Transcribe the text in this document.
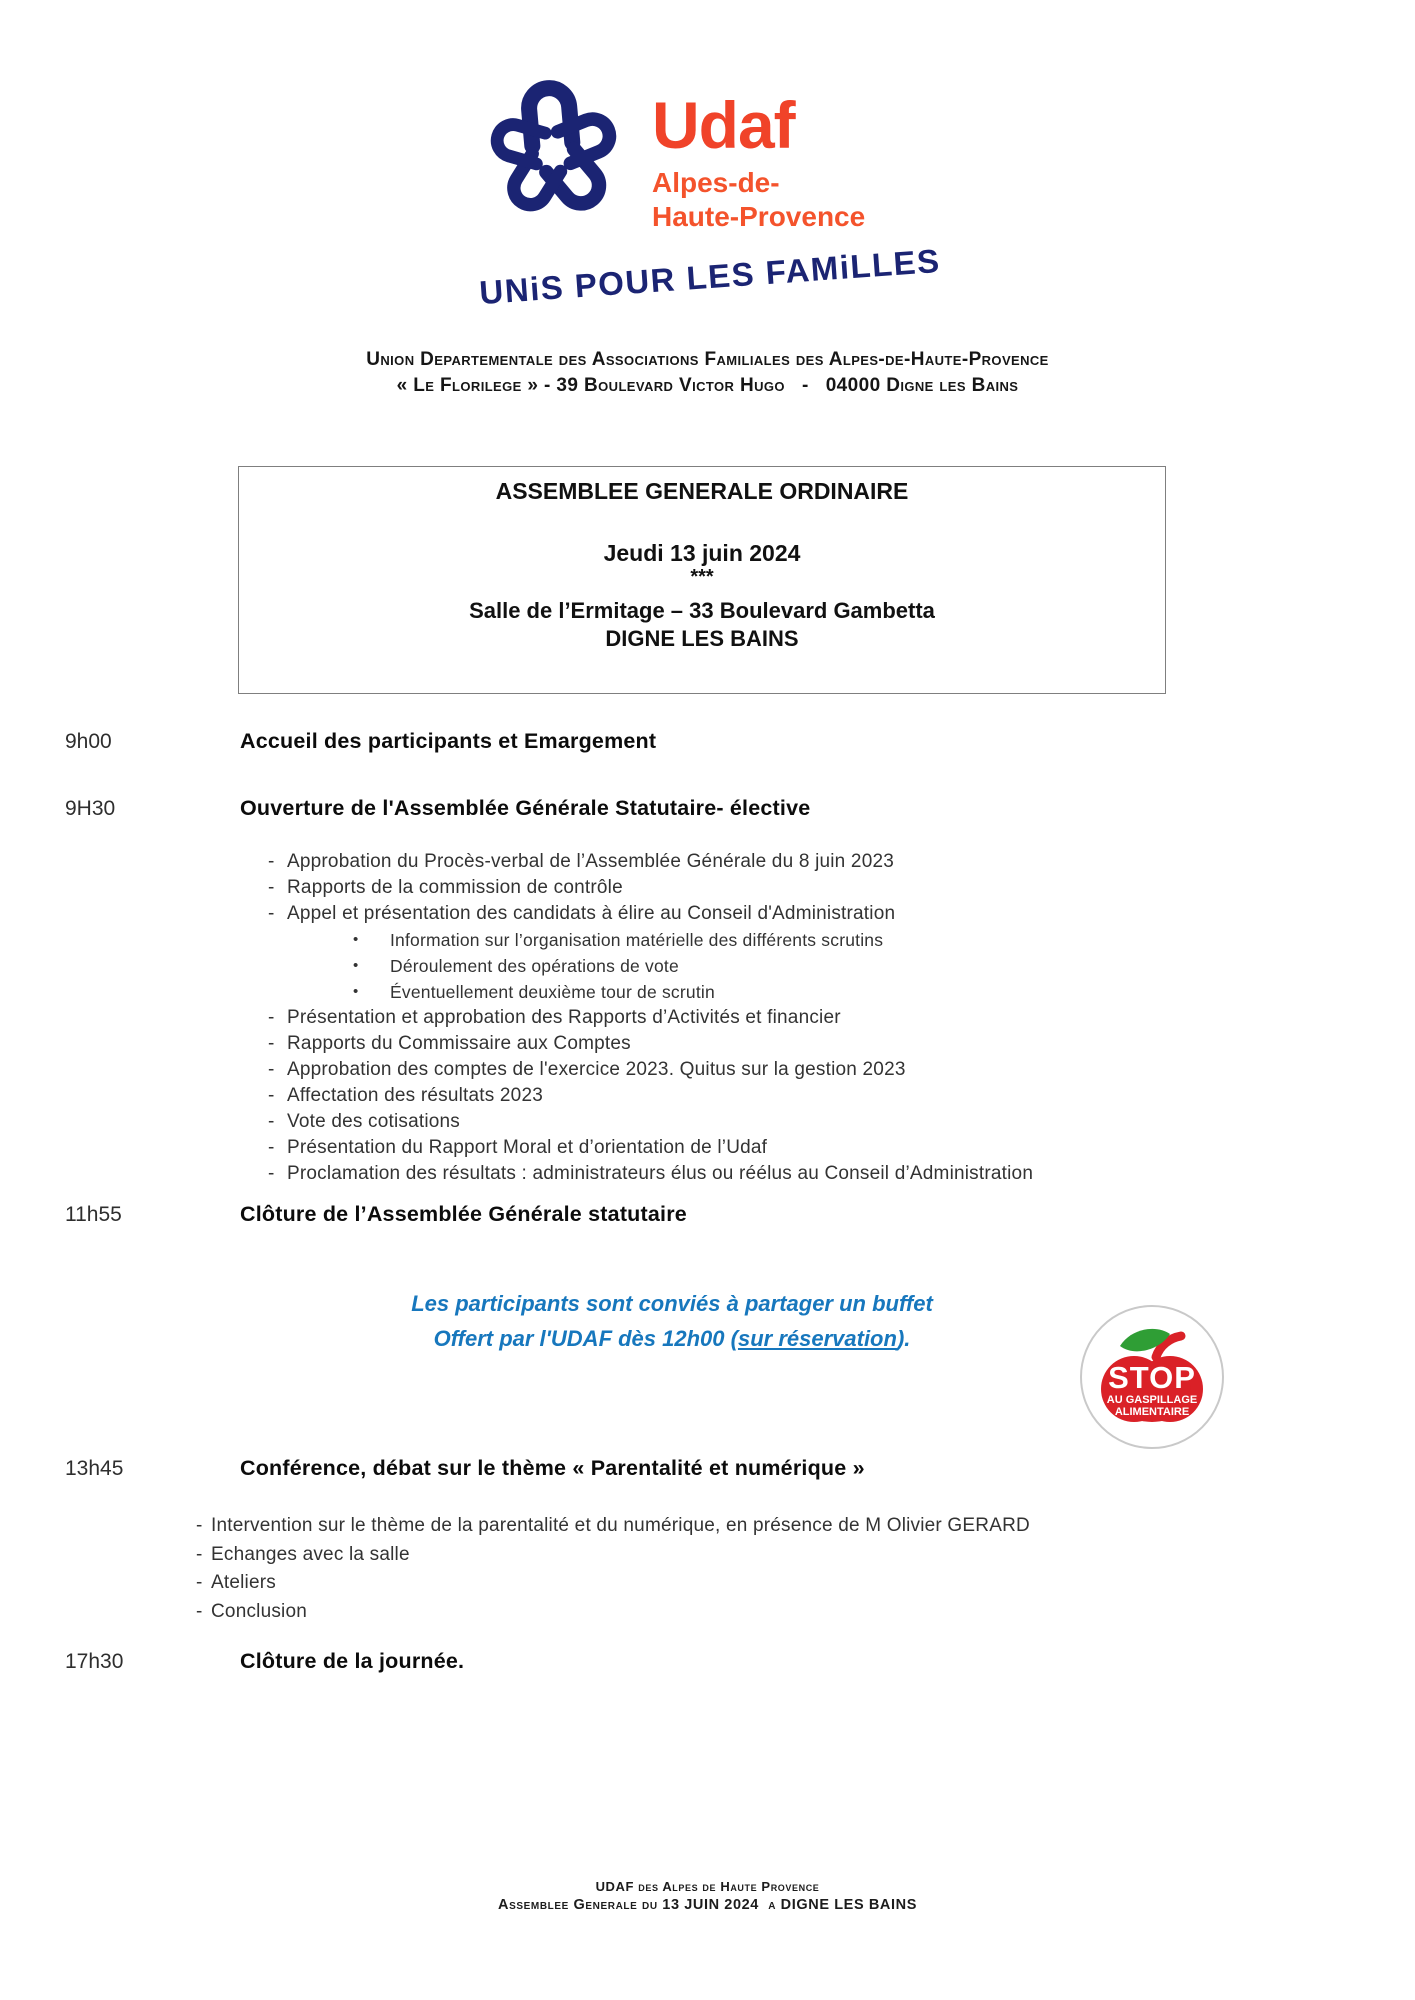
Udaf
Alpes-de-
Haute-Provence
UNiS POUR LES FAMiLLES
Union Departementale des Associations Familiales des Alpes-de-Haute-Provence
« Le Florilege » - 39 Boulevard Victor Hugo   -   04000 Digne les Bains
ASSEMBLEE GENERALE ORDINAIRE
Jeudi 13 juin 2024
***
Salle de l’Ermitage – 33 Boulevard Gambetta
DIGNE LES BAINS
9h00	Accueil des participants et Emargement
9H30	Ouverture de l'Assemblée Générale Statutaire- élective
- Approbation du Procès-verbal de l’Assemblée Générale du 8 juin 2023
- Rapports de la commission de contrôle
- Appel et présentation des candidats à élire au Conseil d'Administration
• Information sur l’organisation matérielle des différents scrutins
• Déroulement des opérations de vote
• Éventuellement deuxième tour de scrutin
- Présentation et approbation des Rapports d’Activités et financier
- Rapports du Commissaire aux Comptes
- Approbation des comptes de l'exercice 2023. Quitus sur la gestion 2023
- Affectation des résultats 2023
- Vote des cotisations
- Présentation du Rapport Moral et d’orientation de l’Udaf
- Proclamation des résultats : administrateurs élus ou réélus au Conseil d’Administration
11h55	Clôture de l’Assemblée Générale statutaire
Les participants sont conviés à partager un buffet
Offert par l'UDAF dès 12h00 (sur réservation).
STOP
AU GASPILLAGE
ALIMENTAIRE
13h45	Conférence, débat sur le thème « Parentalité et numérique »
- Intervention sur le thème de la parentalité et du numérique, en présence de M Olivier GERARD
- Echanges avec la salle
- Ateliers
- Conclusion
17h30	Clôture de la journée.
UDAF des Alpes de Haute Provence
Assemblee Generale du 13 JUIN 2024  a DIGNE LES BAINS
